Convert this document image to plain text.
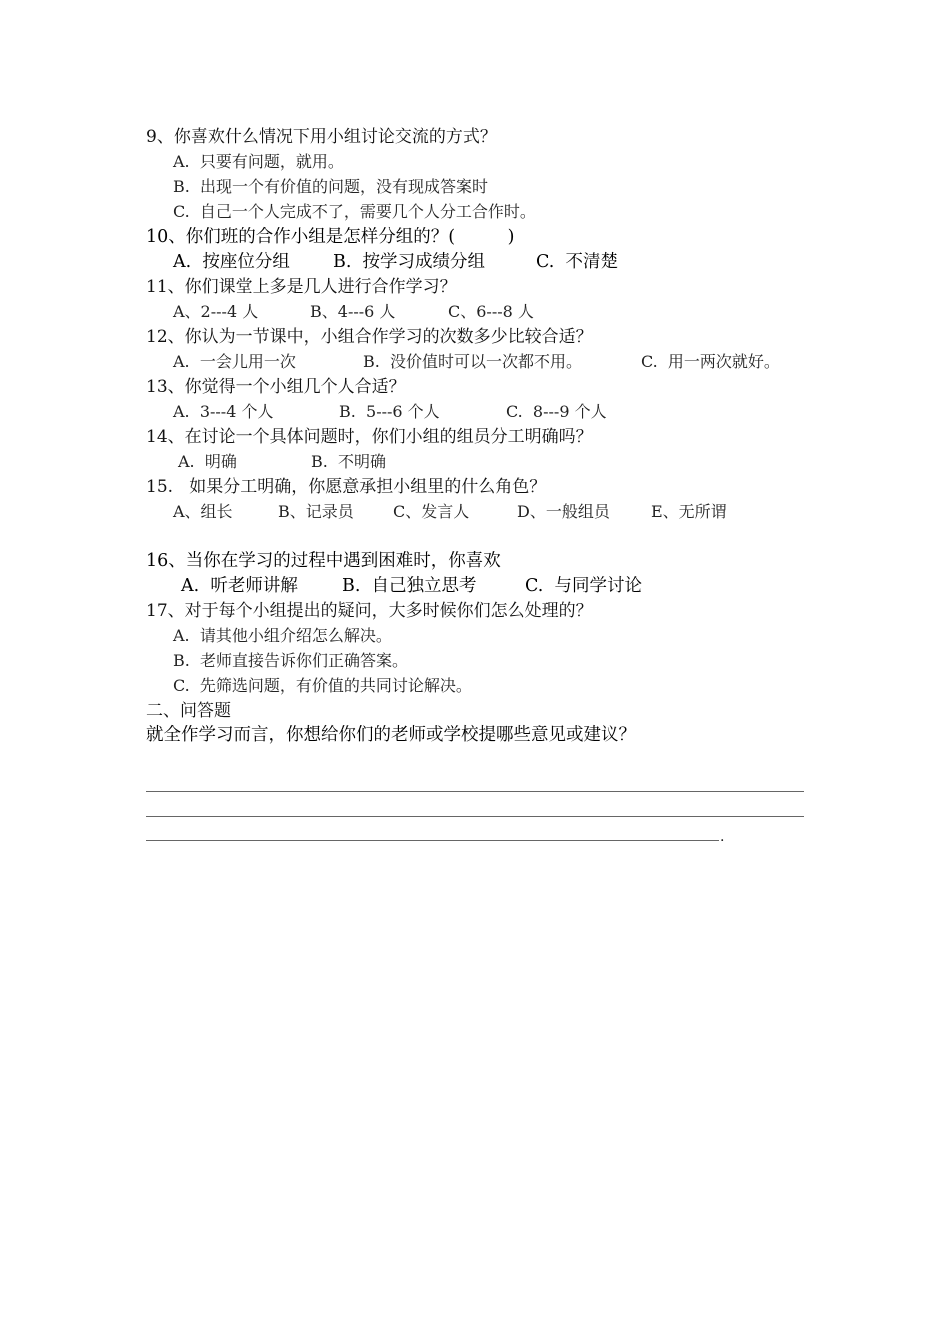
9、你喜欢什么情况下用小组讨论交流的方式？
A.  只要有问题，就用。
B.  出现一个有价值的问题，没有现成答案时
C.  自己一个人完成不了，需要几个人分工合作时。
10、你们班的合作小组是怎样分组的？(　　　)

A.  按座位分组

B.  按学习成绩分组

	C.  不清楚

11、你们课堂上多是几人进行合作学习？

A、2---4 人

	B、4---6 人

	C、6---8 人

12、你认为一节课中，小组合作学习的次数多少比较合适？

A.  一会儿用一次

	B.  没价值时可以一次都不用。

	C.  用一两次就好。

13、你觉得一个小组几个人合适？

A.  3---4 个人

	B.  5---6 个人

	C.  8---9 个人

14、在讨论一个具体问题时，你们小组的组员分工明确吗？

A.  明确

	B.  不明确

15.   如果分工明确，你愿意承担小组里的什么角色？

A、组长

	B、记录员

C、发言人

	D、一般组员

	E、无所谓

16、当你在学习的过程中遇到困难时，你喜欢

A.  听老师讲解

	B.  自己独立思考

	C.  与同学讨论

17、对于每个小组提出的疑问，大多时候你们怎么处理的？
A.  请其他小组介绍怎么解决。
B.  老师直接告诉你们正确答案。
C.  先筛选问题，有价值的共同讨论解决。
二、问答题
就全作学习而言，你想给你们的老师或学校提哪些意见或建议？
.
